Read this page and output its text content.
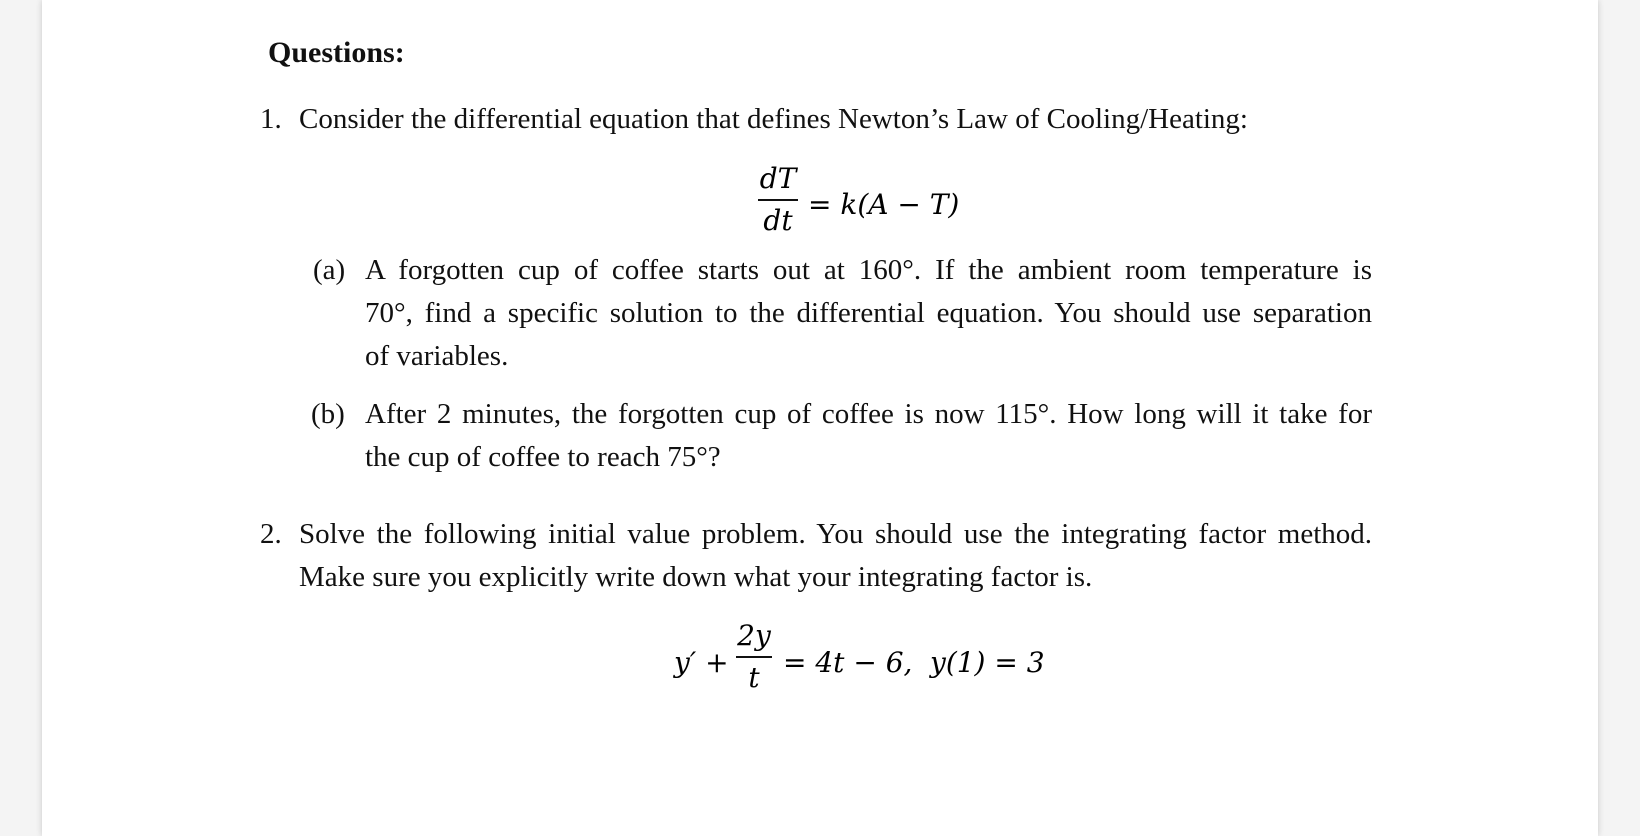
Questions:
1. Consider the differential equation that defines Newton’s Law of Cooling/Heating:
dT
dt = k(A − T)
(a) A forgotten cup of coffee starts out at 160°. If the ambient room temperature is
70°, find a specific solution to the differential equation. You should use separation
of variables.
(b) After 2 minutes, the forgotten cup of coffee is now 115°. How long will it take for
the cup of coffee to reach 75°?
2. Solve the following initial value problem. You should use the integrating factor method.
Make sure you explicitly write down what your integrating factor is.
y′ +
2y
t = 4t − 6, y(1) = 3
